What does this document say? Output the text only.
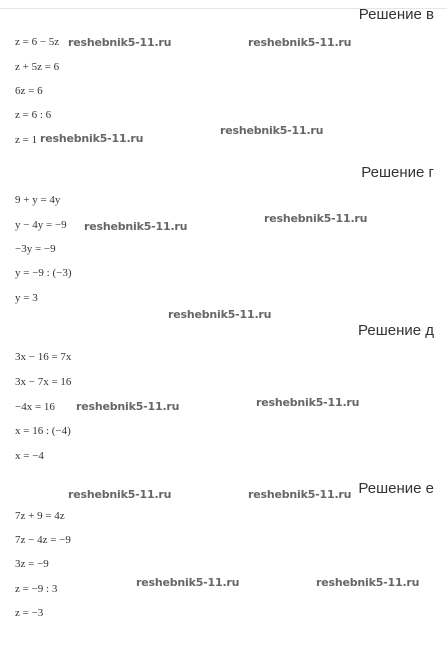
Решение в
z = 6 − 5z
z + 5z = 6
6z = 6
z = 6 : 6
z = 1
Решение г
9 + y = 4y
y − 4y = −9
−3y = −9
y = −9 : (−3)
y = 3
Решение д
3x − 16 = 7x
3x − 7x = 16
−4x = 16
x = 16 : (−4)
x = −4
Решение е
7z + 9 = 4z
7z − 4z = −9
3z = −9
z = −9 : 3
z = −3
reshebnik5-11.ru	reshebnik5-11.ru
reshebnik5-11.ru
reshebnik5-11.ru
reshebnik5-11.ru
reshebnik5-11.ru
reshebnik5-11.ru
reshebnik5-11.ru	reshebnik5-11.ru
reshebnik5-11.ru	reshebnik5-11.ru
reshebnik5-11.ru	reshebnik5-11.ru
